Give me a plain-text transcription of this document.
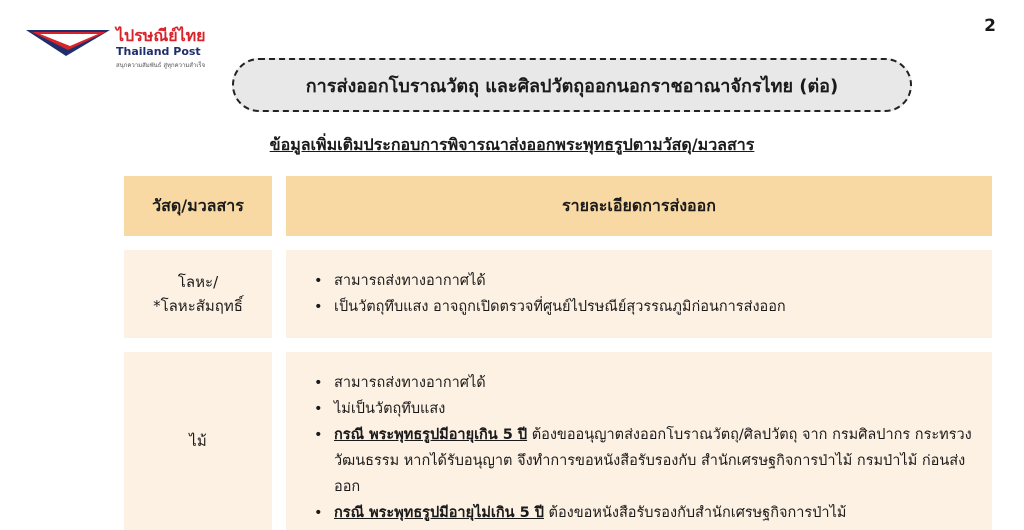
ไปรษณีย์ไทย
Thailand Post
สนุกความสัมพันธ์ สู่ทุกความสำเร็จ
2
การส่งออกโบราณวัตถุ และศิลปวัตถุออกนอกราชอาณาจักรไทย (ต่อ)
ข้อมูลเพิ่มเติมประกอบการพิจารณาส่งออกพระพุทธรูปตามวัสดุ/มวลสาร
วัสดุ/มวลสาร	รายละเอียดการส่งออก
โลหะ/
*โลหะสัมฤทธิ์
• สามารถส่งทางอากาศได้
• เป็นวัตถุทึบแสง อาจถูกเปิดตรวจที่ศูนย์ไปรษณีย์สุวรรณภูมิก่อนการส่งออก
ไม้
• สามารถส่งทางอากาศได้
• ไม่เป็นวัตถุทึบแสง
• กรณี พระพุทธรูปมีอายุเกิน 5 ปี ต้องขออนุญาตส่งออกโบราณวัตถุ/ศิลปวัตถุ จาก กรมศิลปากร กระทรวงวัฒนธรรม หากได้รับอนุญาต จึงทำการขอหนังสือรับรองกับ สำนักเศรษฐกิจการป่าไม้ กรมป่าไม้ ก่อนส่งออก
• กรณี พระพุทธรูปมีอายุไม่เกิน 5 ปี ต้องขอหนังสือรับรองกับสำนักเศรษฐกิจการป่าไม้
